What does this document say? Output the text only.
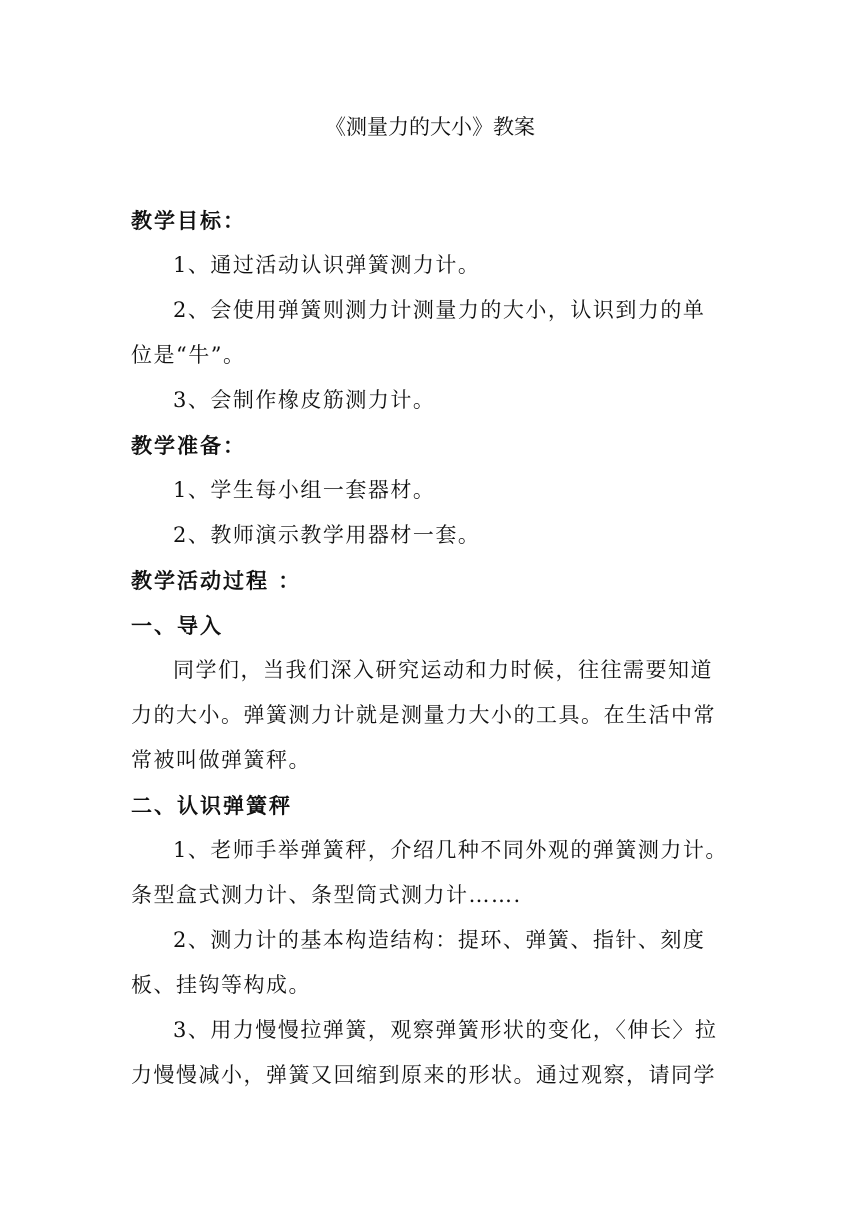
《测量力的大小》教案
教学目标：
1、通过活动认识弹簧测力计。
2、会使用弹簧则测力计测量力的大小，认识到力的单
位是“牛”。
3、会制作橡皮筋测力计。
教学准备：
1、学生每小组一套器材。
2、教师演示教学用器材一套。
教学活动过程 ：
一、导入
同学们，当我们深入研究运动和力时候，往往需要知道
力的大小。弹簧测力计就是测量力大小的工具。在生活中常
常被叫做弹簧秤。
二、认识弹簧秤
1、老师手举弹簧秤，介绍几种不同外观的弹簧测力计。
条型盒式测力计、条型筒式测力计…….
2、测力计的基本构造结构：提环、弹簧、指针、刻度
板、挂钩等构成。
3、用力慢慢拉弹簧，观察弹簧形状的变化，〈伸长〉拉
力慢慢减小，弹簧又回缩到原来的形状。通过观察，请同学
